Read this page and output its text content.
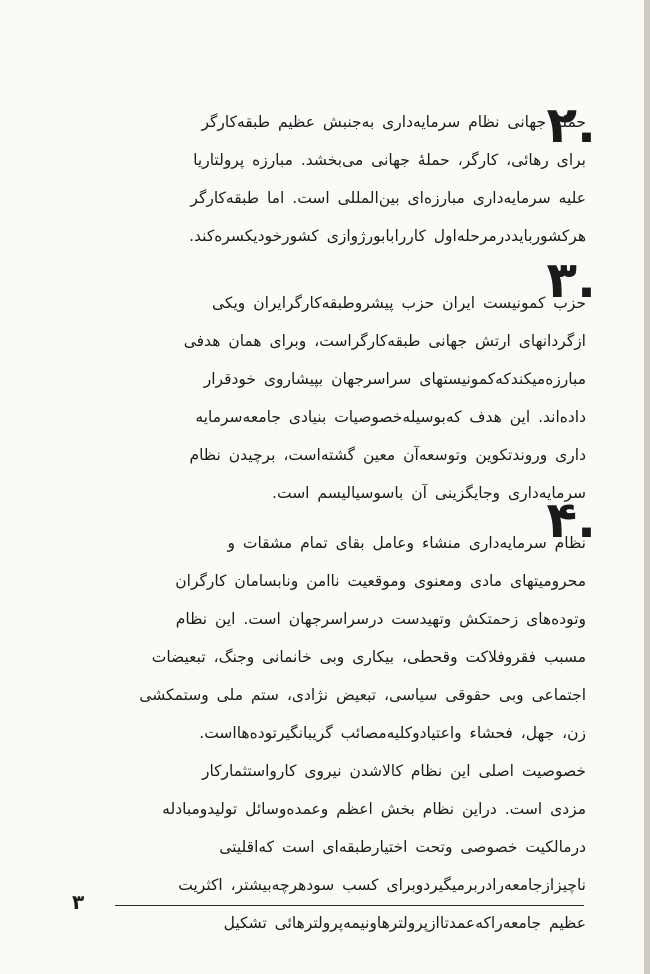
۲.
حملۀ جهانی نظام سرمایه‌داری به‌جنبش عظیم طبقه‌کارگر
برای رهائی، کارگر، حملۀ جهانی می‌بخشد. مبارزه پرولتاریا
علیه سرمایه‌داری مبارزه‌ای بین‌المللی است. اما طبقه‌کارگر
هرکشوربایددرمرحله‌اول کاررابابورژوازی کشورخودیکسره‌کند.
۳.
حزب کمونیست ایران حزب پیشروطبقه‌کارگرایران ویکی
ازگردانهای ارتش جهانی طبقه‌کارگراست، وبرای همان هدفی
مبارزه‌میکندکه‌کمونیستهای سراسرجهان بپیشاروی خودقرار
داده‌اند. این هدف که‌بوسیله‌خصوصیات بنیادی جامعه‌سرمایه‌
داری وروندتکوین وتوسعه‌آن معین گشته‌است، برچیدن نظام
سرمایه‌داری وجایگزینی آن باسوسیالیسم است.
۴.
نظام سرمایه‌داری منشاء وعامل بقای تمام مشقات و
محرومیتهای مادی ومعنوی وموقعیت ناامن ونابسامان کارگران
وتوده‌های زحمتکش وتهیدست درسراسرجهان است. این نظام
مسبب فقروفلاکت وقحطی، بیکاری وبی خانمانی وجنگ، تبعیضات
اجتماعی وبی حقوقی سیاسی، تبعیض نژادی، ستم ملی وستمکشی
زن، جهل، فحشاء واعتیادوکلیه‌مصائب گریبانگیرتوده‌هااست.
خصوصیت اصلی این نظام کالاشدن نیروی کارواستثمارکار
مزدی است. دراین نظام بخش اعظم وعمده‌وسائل تولیدومبادله
درمالکیت خصوصی وتحت اختیارطبقه‌ای است که‌اقلیتی
ناچیزازجامعه‌رادربرمیگیردوبرای کسب سودهرچه‌بیشتر، اکثریت
عظیم جامعه‌راکه‌عمدتاازپرولترهاونیمه‌پرولترهائی تشکیل
۳
